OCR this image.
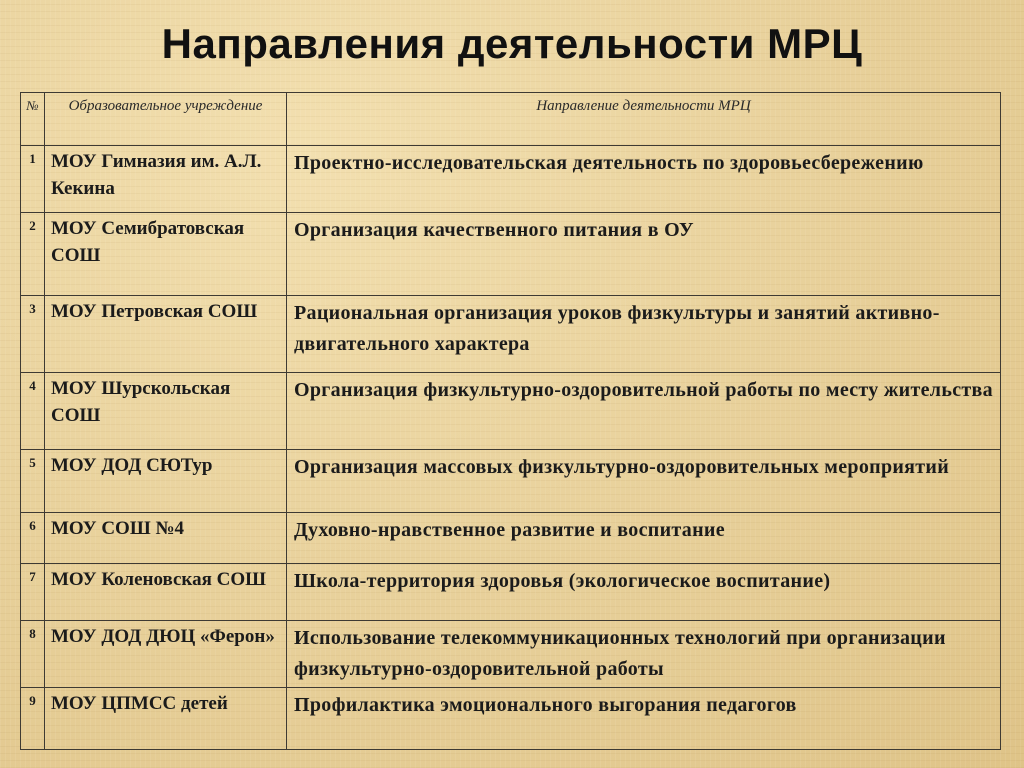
Направления деятельности МРЦ
№	Образовательное учреждение	Направление деятельности МРЦ
1	МОУ Гимназия им. А.Л. Кекина	Проектно-исследовательская деятельность по здоровьесбережению
2	МОУ Семибратовская СОШ	Организация качественного питания в ОУ
3	МОУ Петровская СОШ	Рациональная организация уроков физкультуры и занятий активно-двигательного характера
4	МОУ Шурскольская СОШ	Организация физкультурно-оздоровительной работы по месту жительства
5	МОУ ДОД СЮТур	Организация массовых физкультурно-оздоровительных мероприятий
6	МОУ СОШ №4	Духовно-нравственное развитие и воспитание
7	МОУ Коленовская СОШ	Школа-территория здоровья (экологическое воспитание)
8	МОУ ДОД ДЮЦ «Ферон»	Использование телекоммуникационных технологий при организации физкультурно-оздоровительной работы
9	МОУ ЦПМСС детей	Профилактика эмоционального выгорания педагогов
